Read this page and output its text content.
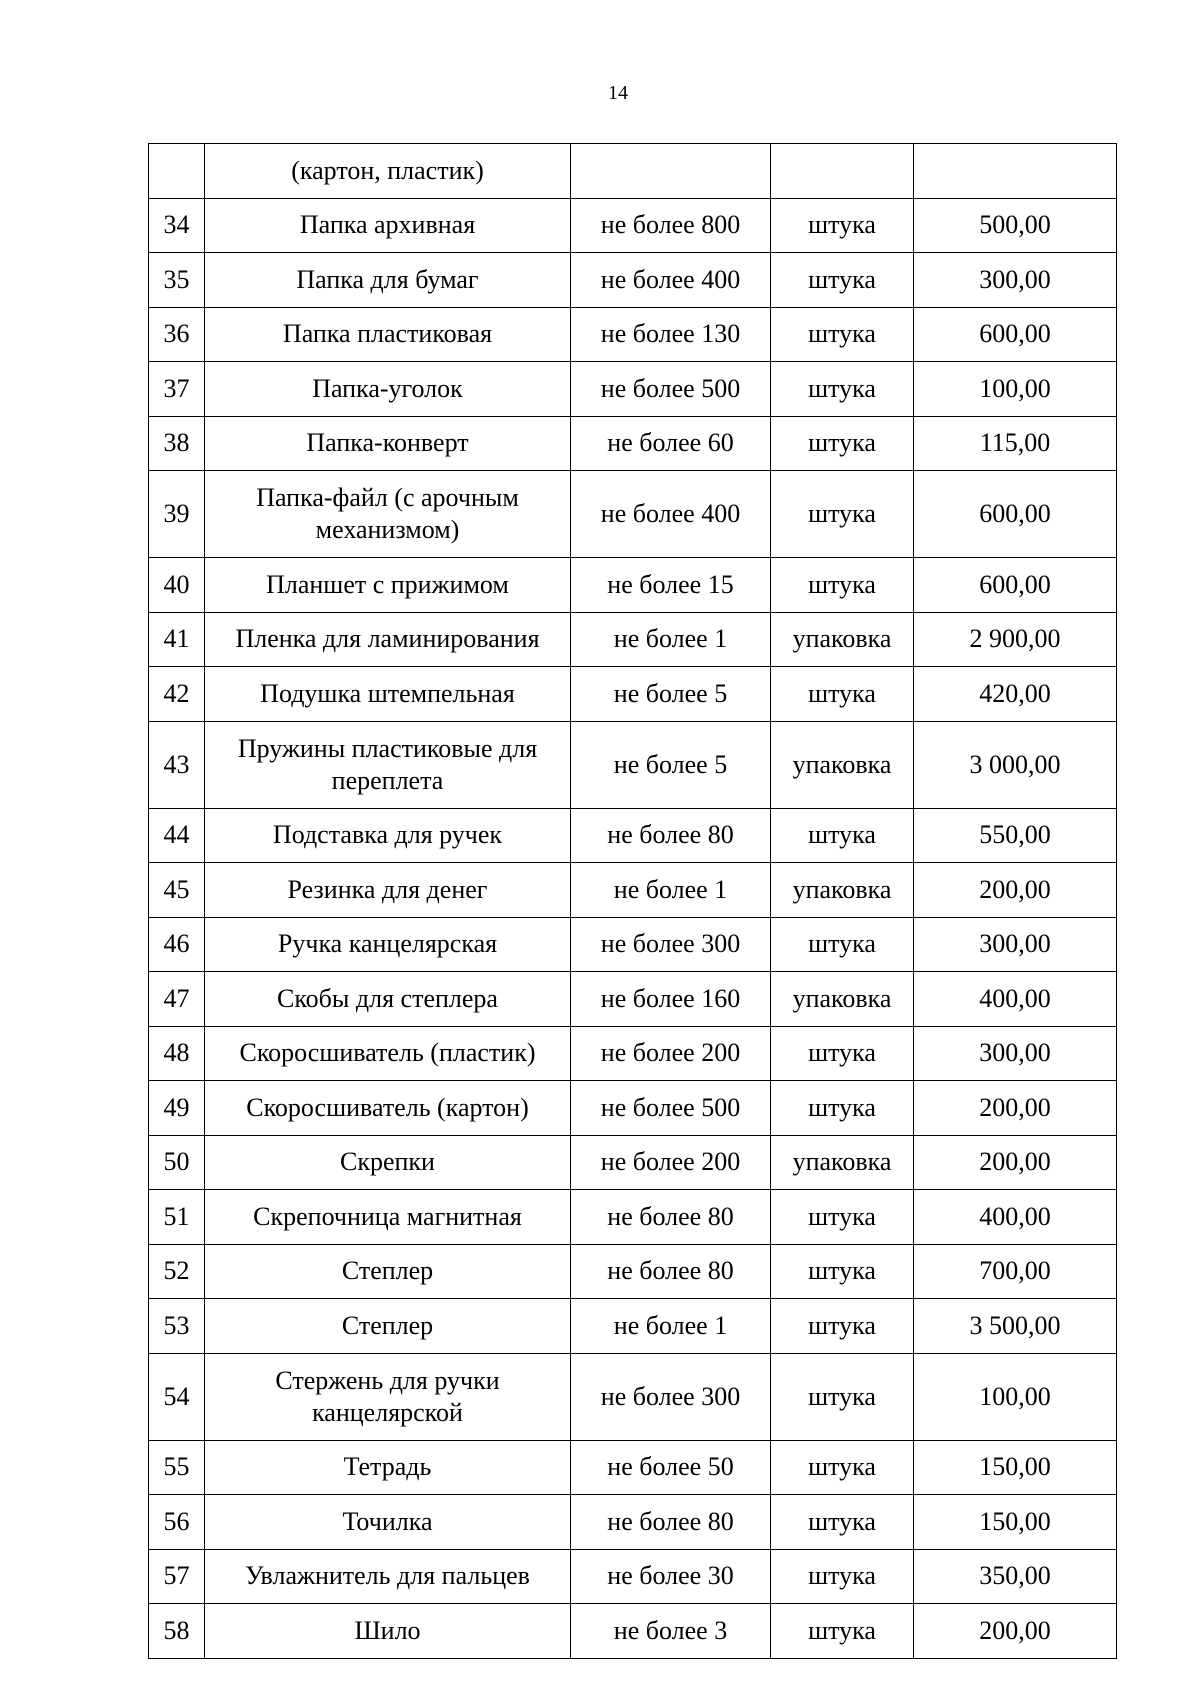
14
	(картон, пластик)			
34	Папка архивная	не более 800	штука	500,00
35	Папка для бумаг	не более 400	штука	300,00
36	Папка пластиковая	не более 130	штука	600,00
37	Папка-уголок	не более 500	штука	100,00
38	Папка-конверт	не более 60	штука	115,00
39	Папка-файл (с арочным механизмом)	не более 400	штука	600,00
40	Планшет с прижимом	не более 15	штука	600,00
41	Пленка для ламинирования	не более 1	упаковка	2 900,00
42	Подушка штемпельная	не более 5	штука	420,00
43	Пружины пластиковые для переплета	не более 5	упаковка	3 000,00
44	Подставка для ручек	не более 80	штука	550,00
45	Резинка для денег	не более 1	упаковка	200,00
46	Ручка канцелярская	не более 300	штука	300,00
47	Скобы для степлера	не более 160	упаковка	400,00
48	Скоросшиватель (пластик)	не более 200	штука	300,00
49	Скоросшиватель (картон)	не более 500	штука	200,00
50	Скрепки	не более 200	упаковка	200,00
51	Скрепочница магнитная	не более 80	штука	400,00
52	Степлер	не более 80	штука	700,00
53	Степлер	не более 1	штука	3 500,00
54	Стержень для ручки канцелярской	не более 300	штука	100,00
55	Тетрадь	не более 50	штука	150,00
56	Точилка	не более 80	штука	150,00
57	Увлажнитель для пальцев	не более 30	штука	350,00
58	Шило	не более 3	штука	200,00
